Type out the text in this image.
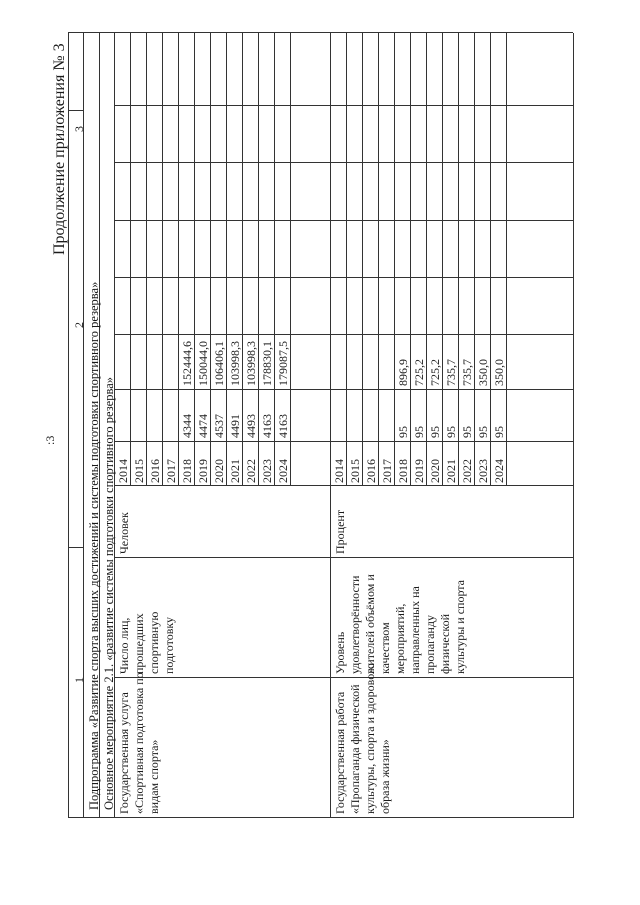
:3
Продолжение приложения № 3
1
2
3
Подпрограмма «Развитие спорта высших достижений и системы подготовки спортивного резерва» Основное мероприятие 2.1. «развитие системы подготовки спортивного резерва» Государственная услуга «Спортивная подготовка по видам спорта»
Число лиц, прошедших спортивную подготовку
Человек
2014 2015 2016 2017 2018
4344
152444,6
2019
4474
150044,0
2020
4537
106406,1
2021
4491
103998,3
2022
4493
103998,3
2023
4163
178830,1
2024
4163
179087,5
Государственная работа «Пропаганда физической культуры, спорта и здорового образа жизни»
Уровень удовлетворённости жителей объёмом и качеством мероприятий, направленных на пропаганду физической культуры и спорта
Процент
2014 2015 2016 2017 2018
95
896,9
2019
95
725,2
2020
95
725,2
2021
95
735,7
2022
95
735,7
2023
95
350,0
2024
95
350,0
